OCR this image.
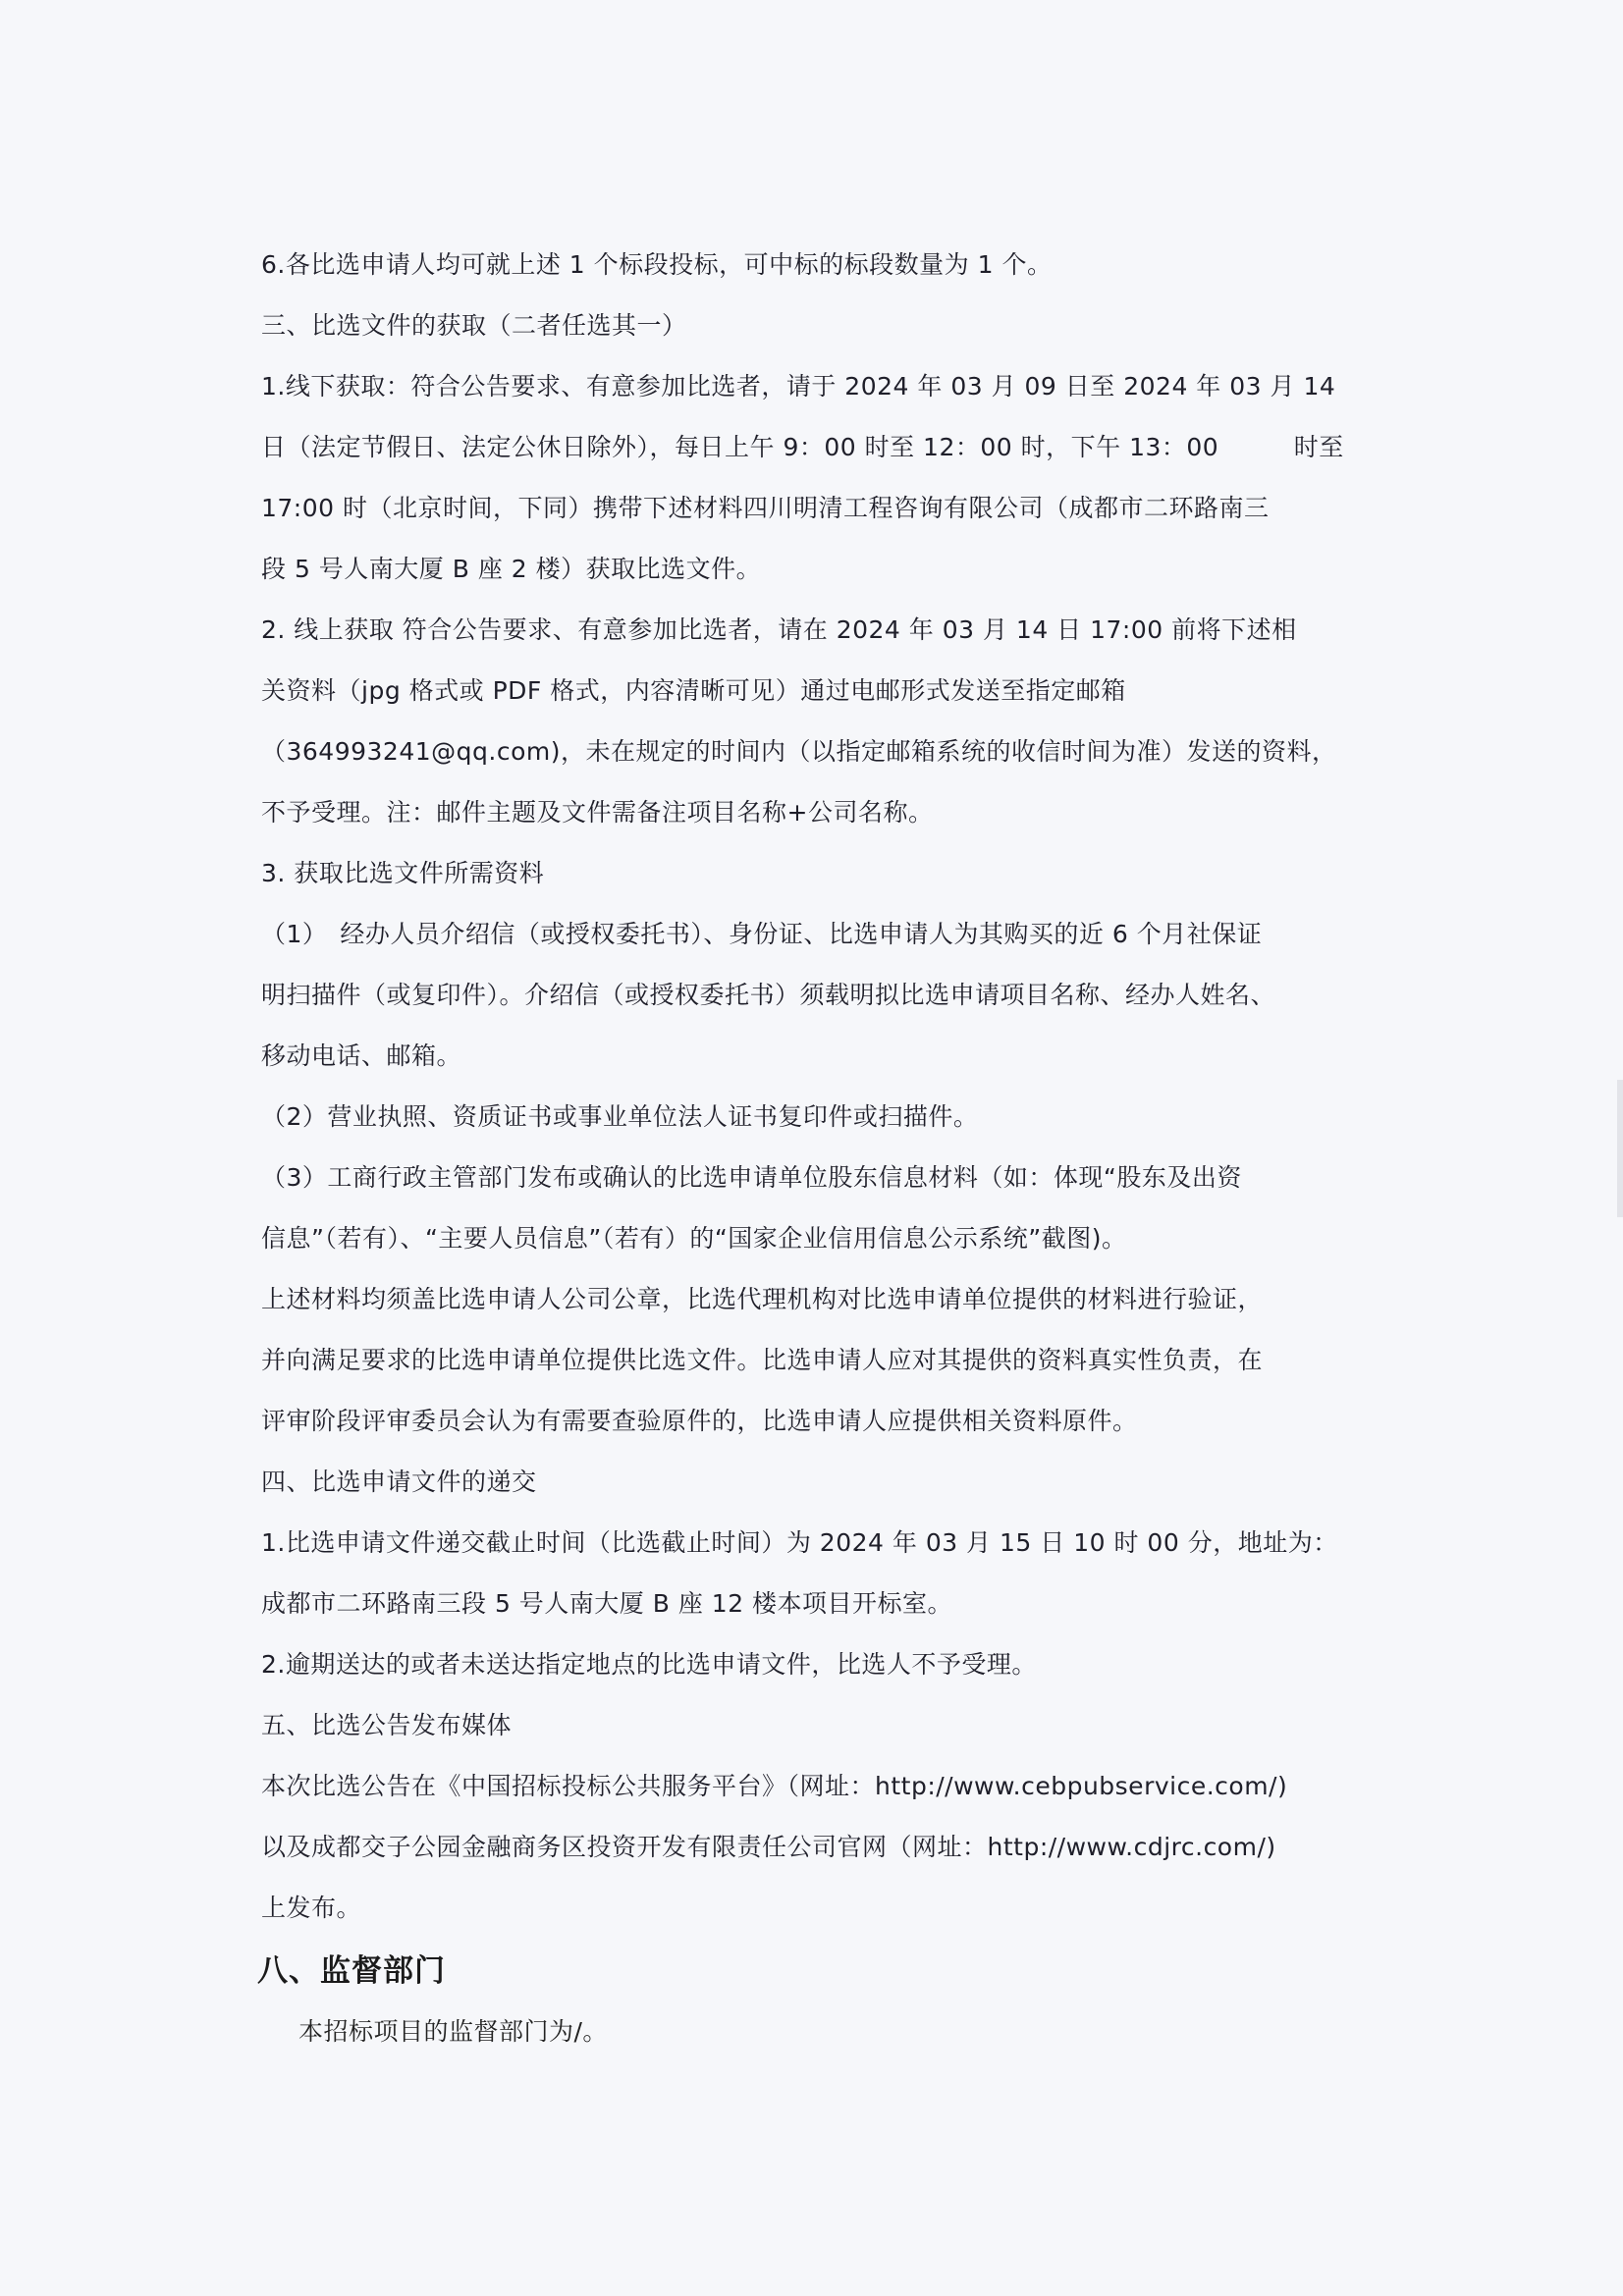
6.各比选申请人均可就上述 1 个标段投标，可中标的标段数量为 1 个。
三、比选文件的获取（二者任选其一）
1.线下获取：符合公告要求、有意参加比选者，请于 2024 年 03 月 09 日至 2024 年 03 月 14
日（法定节假日、法定公休日除外），每日上午 9：00 时至 12：00 时，下午 13：00　　　时至
17:00 时（北京时间，下同）携带下述材料四川明清工程咨询有限公司（成都市二环路南三
段 5 号人南大厦 B 座 2 楼）获取比选文件。
2. 线上获取 符合公告要求、有意参加比选者，请在 2024 年 03 月 14 日 17:00 前将下述相
关资料（jpg 格式或 PDF 格式，内容清晰可见）通过电邮形式发送至指定邮箱
（364993241@qq.com)，未在规定的时间内（以指定邮箱系统的收信时间为准）发送的资料，
不予受理。注：邮件主题及文件需备注项目名称+公司名称。
3. 获取比选文件所需资料
（1）　经办人员介绍信（或授权委托书）、身份证、比选申请人为其购买的近 6 个月社保证
明扫描件（或复印件）。介绍信（或授权委托书）须载明拟比选申请项目名称、经办人姓名、
移动电话、邮箱。
（2）营业执照、资质证书或事业单位法人证书复印件或扫描件。
（3）工商行政主管部门发布或确认的比选申请单位股东信息材料（如：体现“股东及出资
信息”（若有）、“主要人员信息”（若有）的“国家企业信用信息公示系统”截图)。
上述材料均须盖比选申请人公司公章，比选代理机构对比选申请单位提供的材料进行验证，
并向满足要求的比选申请单位提供比选文件。比选申请人应对其提供的资料真实性负责，在
评审阶段评审委员会认为有需要查验原件的，比选申请人应提供相关资料原件。
四、比选申请文件的递交
1.比选申请文件递交截止时间（比选截止时间）为 2024 年 03 月 15 日 10 时 00 分，地址为：
成都市二环路南三段 5 号人南大厦 B 座 12 楼本项目开标室。
2.逾期送达的或者未送达指定地点的比选申请文件，比选人不予受理。
五、比选公告发布媒体
本次比选公告在《中国招标投标公共服务平台》（网址：http://www.cebpubservice.com/)
以及成都交子公园金融商务区投资开发有限责任公司官网（网址：http://www.cdjrc.com/)
上发布。
八、监督部门
本招标项目的监督部门为/。
